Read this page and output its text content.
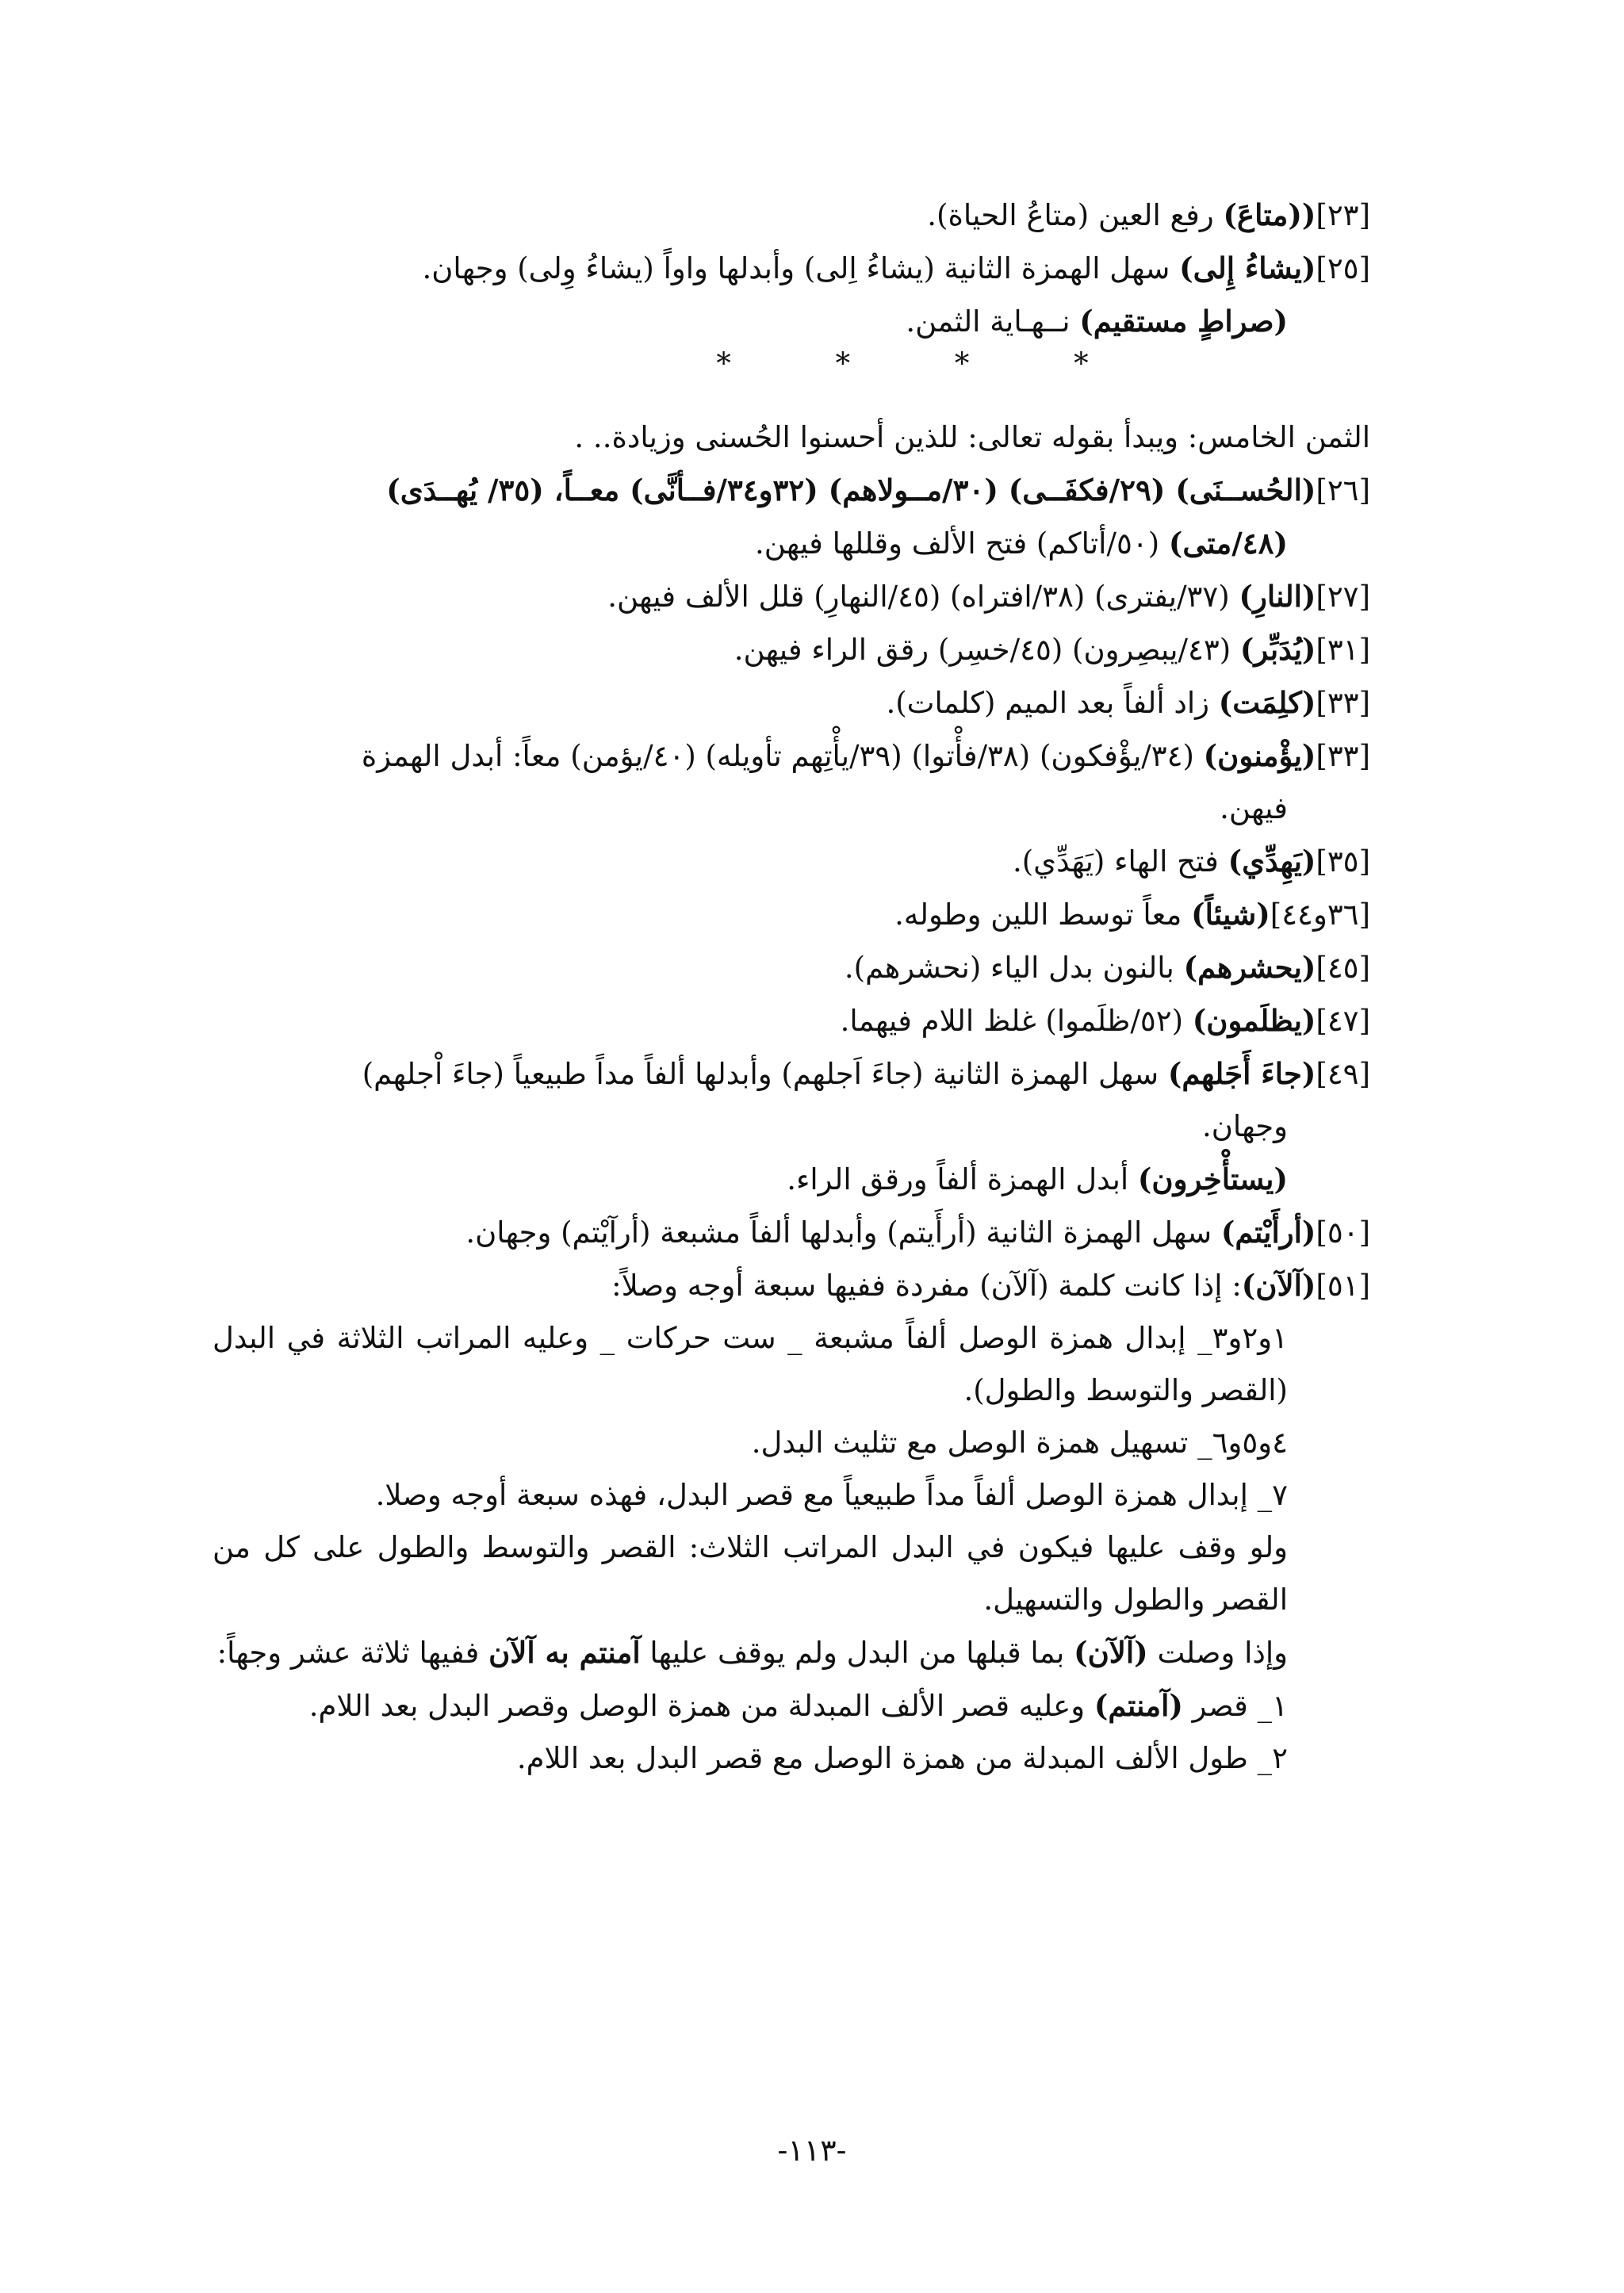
[٢٣]((متاعَ) رفع العين (متاعُ الحياة).

[٢٥](يشاءُ إِلى) سهل الهمزة الثانية (يشاءُ اِلى) وأبدلها واواً (يشاءُ وِلى) وجهان.

(صراطٍ مستقيم) نــهـاية الثمن.

* * * *

الثمن الخامس: ويبدأ بقوله تعالى: للذين أحسنوا الحُسنى وزيادة.. .

[٢٦](الحُســنَى) (٢٩/فكفَــى) (٣٠/مــولاهم) (٣٢و٣٤/فــأنَّى) معــاً، (٣٥/ يُهــدَى)

(٤٨/متى) (٥٠/أتاكم) فتح الألف وقللها فيهن.

[٢٧](النارِ) (٣٧/يفترى) (٣٨/افتراه) (٤٥/النهارِ) قلل الألف فيهن.

[٣١](يُدَبِّر) (٤٣/يبصِرون) (٤٥/خسِر) رقق الراء فيهن.

[٣٣](كلِمَت) زاد ألفاً بعد الميم (كلمات).

[٣٣](يؤْمنون) (٣٤/يؤْفكون) (٣٨/فأْتوا) (٣٩/يأْتِهم تأويله) (٤٠/يؤمن) معاً: أبدل الهمزة

فيهن.

[٣٥](يَهِدِّي) فتح الهاء (يَهَدِّي).

[٣٦و٤٤](شيئاً) معاً توسط اللين وطوله.

[٤٥](يحشرهم) بالنون بدل الياء (نحشرهم).

[٤٧](يظلَمون) (٥٢/ظلَموا) غلظ اللام فيهما.

[٤٩](جاءَ أَجَلهم) سهل الهمزة الثانية (جاءَ اَجلهم) وأبدلها ألفاً مداً طبيعياً (جاءَ اْجلهم)

وجهان.

(يستأْخِرون) أبدل الهمزة ألفاً ورقق الراء.

[٥٠](أرأَيْتم) سهل الهمزة الثانية (أرأَيتم) وأبدلها ألفاً مشبعة (أرآيْتم) وجهان.

[٥١](آلآن): إذا كانت كلمة (آلآن) مفردة ففيها سبعة أوجه وصلاً:

١و٢و٣_ إبدال همزة الوصل ألفاً مشبعة _ ست حركات _ وعليه المراتب الثلاثة في البدل (القصر والتوسط والطول).

٤و٥و٦_ تسهيل همزة الوصل مع تثليث البدل.

٧_ إبدال همزة الوصل ألفاً مداً طبيعياً مع قصر البدل، فهذه سبعة أوجه وصلا.

ولو وقف عليها فيكون في البدل المراتب الثلاث: القصر والتوسط والطول على كل من القصر والطول والتسهيل.

وإذا وصلت (آلآن) بما قبلها من البدل ولم يوقف عليها آمنتم به آلآن ففيها ثلاثة عشر وجهاً:

١_ قصر (آمنتم) وعليه قصر الألف المبدلة من همزة الوصل وقصر البدل بعد اللام.

٢_ طول الألف المبدلة من همزة الوصل مع قصر البدل بعد اللام.

-١١٣-
